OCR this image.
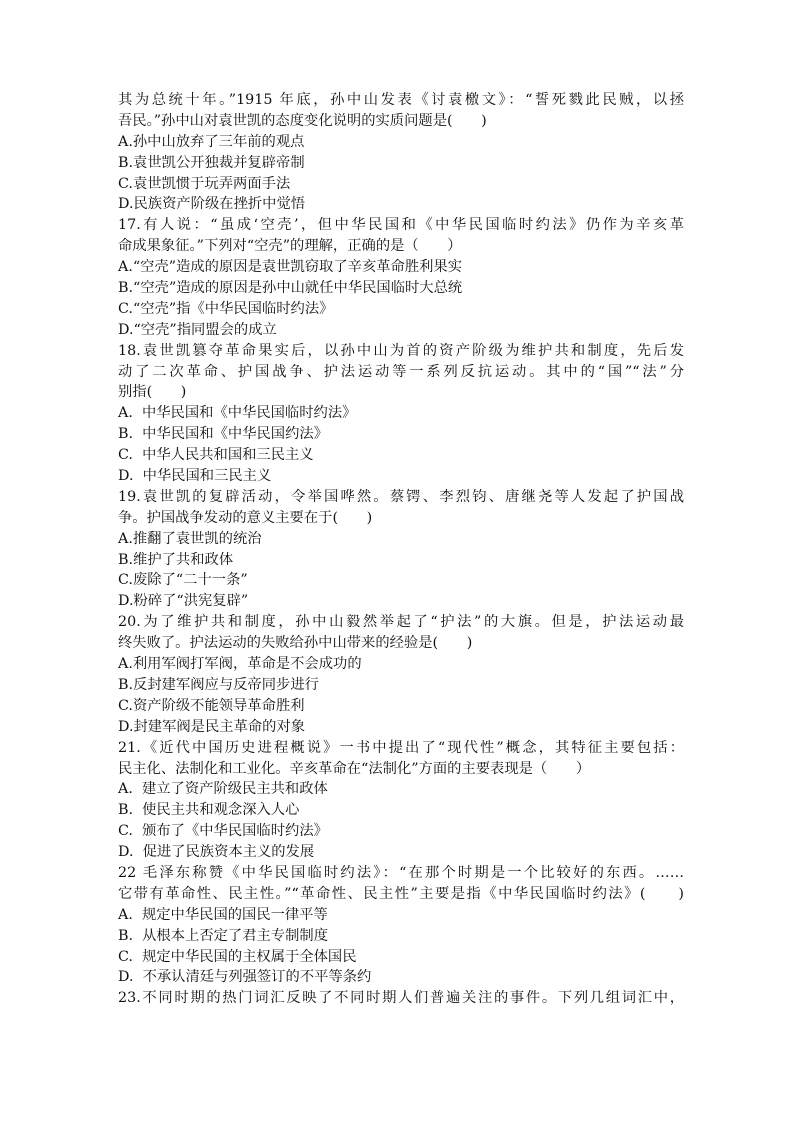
其为总统十年。”1915 年底，孙中山发表《讨袁檄文》：“誓死戮此民贼，以拯
吾民。”孙中山对袁世凯的态度变化说明的实质问题是(　　)
A.孙中山放弃了三年前的观点
B.袁世凯公开独裁并复辟帝制
C.袁世凯惯于玩弄两面手法
D.民族资产阶级在挫折中觉悟
17.有人说：“虽成‘空壳’，但中华民国和《中华民国临时约法》仍作为辛亥革
命成果象征。”下列对“空壳”的理解，正确的是（　　）
A.“空壳”造成的原因是袁世凯窃取了辛亥革命胜利果实
B.“空壳”造成的原因是孙中山就任中华民国临时大总统
C.“空壳”指《中华民国临时约法》
D.“空壳”指同盟会的成立
18.袁世凯篡夺革命果实后，以孙中山为首的资产阶级为维护共和制度，先后发
动了二次革命、护国战争、护法运动等一系列反抗运动。其中的“国”“法”分
别指(　　)
A.  中华民国和《中华民国临时约法》
B.  中华民国和《中华民国约法》
C.  中华人民共和国和三民主义
D.  中华民国和三民主义
19.袁世凯的复辟活动，令举国哗然。蔡锷、李烈钧、唐继尧等人发起了护国战
争。护国战争发动的意义主要在于(　　)
A.推翻了袁世凯的统治
B.维护了共和政体
C.废除了“二十一条”
D.粉碎了“洪宪复辟”
20.为了维护共和制度，孙中山毅然举起了“护法”的大旗。但是，护法运动最
终失败了。护法运动的失败给孙中山带来的经验是(　　)
A.利用军阀打军阀，革命是不会成功的
B.反封建军阀应与反帝同步进行
C.资产阶级不能领导革命胜利
D.封建军阀是民主革命的对象
21.《近代中国历史进程概说》一书中提出了“现代性”概念，其特征主要包括：
民主化、法制化和工业化。辛亥革命在“法制化”方面的主要表现是（　　）
A.  建立了资产阶级民主共和政体
B.  使民主共和观念深入人心
C.  颁布了《中华民国临时约法》
D.  促进了民族资本主义的发展
22 毛泽东称赞《中华民国临时约法》：“在那个时期是一个比较好的东西。……
它带有革命性、民主性。”“革命性、民主性”主要是指《中华民国临时约法》(　　)
A.  规定中华民国的国民一律平等
B.  从根本上否定了君主专制制度
C.  规定中华民国的主权属于全体国民
D.  不承认清廷与列强签订的不平等条约
23.不同时期的热门词汇反映了不同时期人们普遍关注的事件。下列几组词汇中，
